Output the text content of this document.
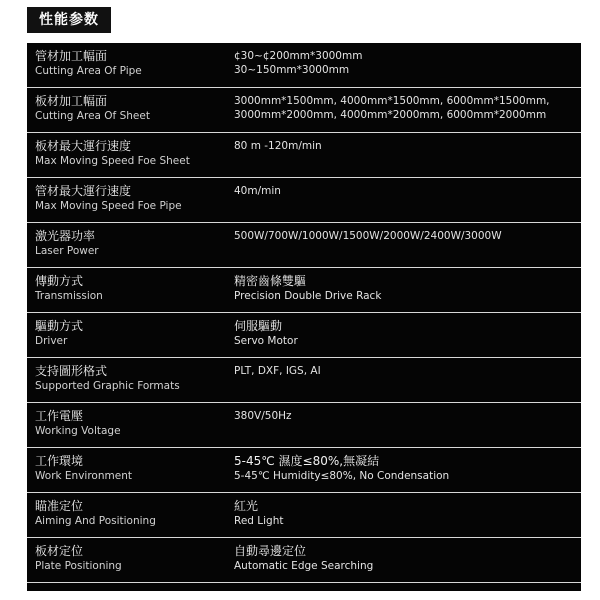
性能参数
管材加工幅面
Cutting Area Of Pipe
¢30~¢200mm*3000mm
30~150mm*3000mm
板材加工幅面
Cutting Area Of Sheet
3000mm*1500mm, 4000mm*1500mm, 6000mm*1500mm,
3000mm*2000mm, 4000mm*2000mm, 6000mm*2000mm
板材最大運行速度
Max Moving Speed Foe Sheet
80 m -120m/min
管材最大運行速度
Max Moving Speed Foe Pipe
40m/min
激光器功率
Laser Power
500W/700W/1000W/1500W/2000W/2400W/3000W
傳動方式
Transmission
精密齒條雙驅
Precision Double Drive Rack
驅動方式
Driver
伺服驅動
Servo Motor
支持圖形格式
Supported Graphic Formats
PLT, DXF, IGS, AI
工作電壓
Working Voltage
380V/50Hz
工作環境
Work Environment
5-45℃ 濕度≤80%,無凝結
5-45℃ Humidity≤80%, No Condensation
瞄准定位
Aiming And Positioning
紅光
Red Light
板材定位
Plate Positioning
自動尋邊定位
Automatic Edge Searching
